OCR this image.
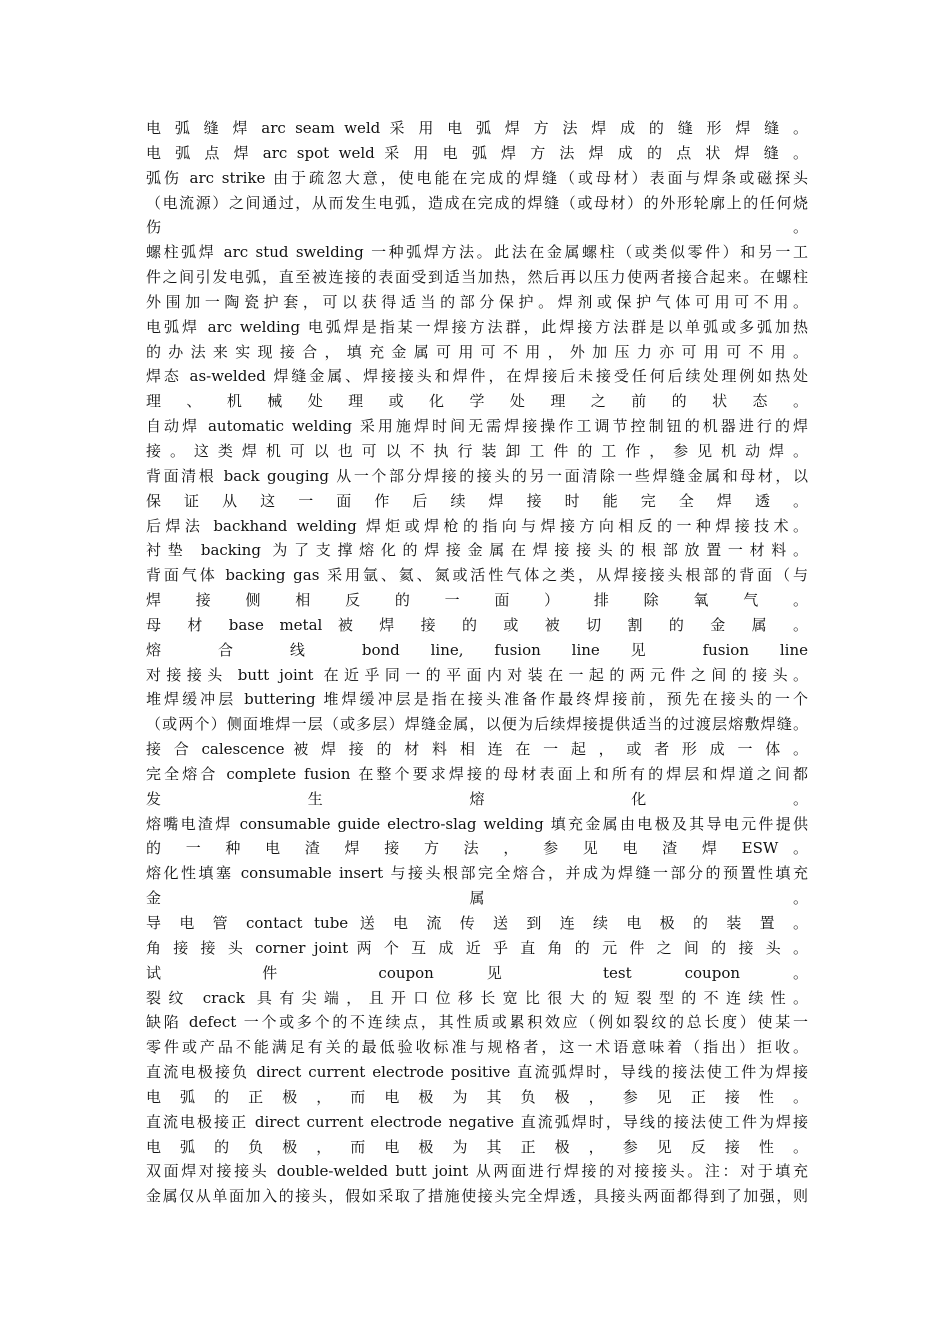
电 弧 缝 焊 arc seam weld 采 用 电 弧 焊 方 法 焊 成 的 缝 形 焊 缝 。
电 弧 点 焊 arc spot weld 采 用 电 弧 焊 方 法 焊 成 的 点 状 焊 缝 。
弧伤 arc strike 由于疏忽大意，使电能在完成的焊缝（或母材）表面与焊条或磁探头
（电流源）之间通过，从而发生电弧，造成在完成的焊缝（或母材）的外形轮廓上的任何烧
伤 。
螺柱弧焊 arc stud swelding 一种弧焊方法。此法在金属螺柱（或类似零件）和另一工
件之间引发电弧，直至被连接的表面受到适当加热，然后再以压力使两者接合起来。在螺柱
外围加一陶瓷护套，可以获得适当的部分保护。焊剂或保护气体可用可不用。
电弧焊 arc welding 电弧焊是指某一焊接方法群，此焊接方法群是以单弧或多弧加热
的 办 法 来 实 现 接 合 ， 填 充 金 属 可 用 可 不 用 ， 外 加 压 力 亦 可 用 可 不 用 。
焊态 as-welded 焊缝金属、焊接接头和焊件，在焊接后未接受任何后续处理例如热处
理 、 机 械 处 理 或 化 学 处 理 之 前 的 状 态 。
自动焊 automatic welding 采用施焊时间无需焊接操作工调节控制钮的机器进行的焊
接 。 这 类 焊 机 可 以 也 可 以 不 执 行 装 卸 工 件 的 工 作 ， 参 见 机 动 焊 。
背面清根 back gouging 从一个部分焊接的接头的另一面清除一些焊缝金属和母材，以
保 证 从 这 一 面 作 后 续 焊 接 时 能 完 全 焊 透 。
后焊法 backhand welding 焊炬或焊枪的指向与焊接方向相反的一种焊接技术。
衬垫 backing 为了支撑熔化的焊接金属在焊接接头的根部放置一材料。
背面气体 backing gas 采用氩、氦、氮或活性气体之类，从焊接接头根部的背面（与
焊 接 侧 相 反 的 一 面 ） 排 除 氧 气 。
母 材 base metal 被 焊 接 的 或 被 切 割 的 金 属 。
熔 合 线 bond line, fusion line 见 fusion line
对接接头 butt joint 在近乎同一的平面内对装在一起的两元件之间的接头。
堆焊缓冲层 buttering 堆焊缓冲层是指在接头准备作最终焊接前，预先在接头的一个
（或两个）侧面堆焊一层（或多层）焊缝金属，以便为后续焊接提供适当的过渡层熔敷焊缝。
接 合 calescence 被 焊 接 的 材 料 相 连 在 一 起 ， 或 者 形 成 一 体 。
完全熔合 complete fusion 在整个要求焊接的母材表面上和所有的焊层和焊道之间都
发 生 熔 化 。
熔嘴电渣焊 consumable guide electro-slag welding 填充金属由电极及其导电元件提供
的 一 种 电 渣 焊 接 方 法 ， 参 见 电 渣 焊 ESW 。
熔化性填塞 consumable insert 与接头根部完全熔合，并成为焊缝一部分的预置性填充
金 属 。
导 电 管 contact tube 送 电 流 传 送 到 连 续 电 极 的 装 置 。
角 接 接 头 corner joint 两 个 互 成 近 乎 直 角 的 元 件 之 间 的 接 头 。
试 件 coupon 见 test coupon 。
裂纹 crack 具有尖端，且开口位移长宽比很大的短裂型的不连续性。
缺陷 defect 一个或多个的不连续点，其性质或累积效应（例如裂纹的总长度）使某一
零件或产品不能满足有关的最低验收标准与规格者，这一术语意味着（指出）拒收。
直流电极接负 direct current electrode positive 直流弧焊时，导线的接法使工件为焊接
电 弧 的 正 极 ， 而 电 极 为 其 负 极 ， 参 见 正 接 性 。
直流电极接正 direct current electrode negative 直流弧焊时，导线的接法使工件为焊接
电 弧 的 负 极 ， 而 电 极 为 其 正 极 ， 参 见 反 接 性 。
双面焊对接接头 double-welded butt joint 从两面进行焊接的对接接头。注：对于填充
金属仅从单面加入的接头，假如采取了措施使接头完全焊透，具接头两面都得到了加强，则
